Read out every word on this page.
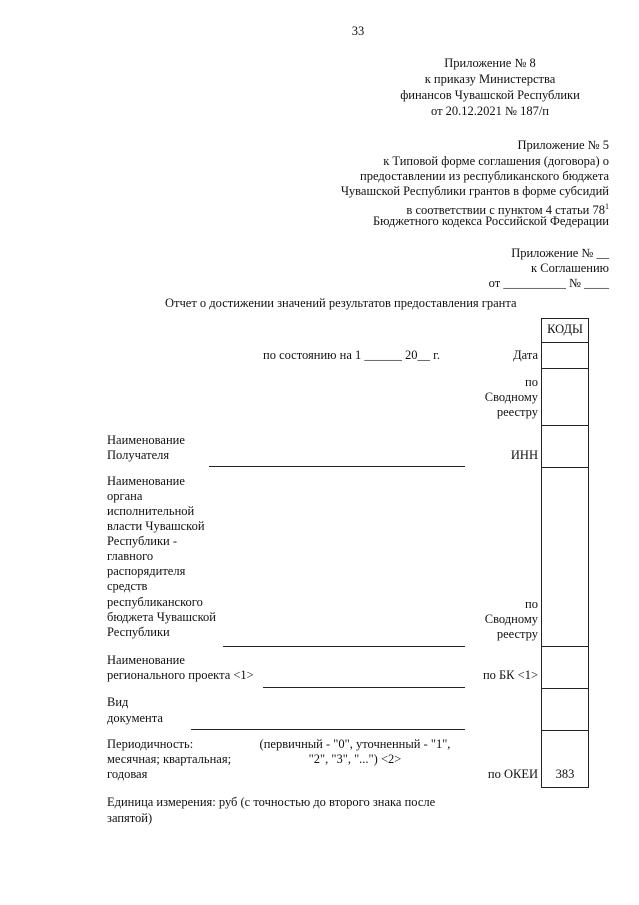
33
Приложение № 8
к приказу Министерства
финансов Чувашской Республики
от 20.12.2021 № 187/п
Приложение № 5
к Типовой форме соглашения (договора) о
предоставлении из республиканского бюджета
Чувашской Республики грантов в форме субсидий
в соответствии с пунктом 4 статьи $78^1$
Бюджетного кодекса Российской Федерации
Приложение № __
к Соглашению
от __________ № ____
Отчет о достижении значений результатов предоставления гранта
КОДЫ
383
по состоянию на 1 ______ 20__ г.	Дата
по
Сводному
реестру
ИНН
по
Сводному
реестру
по БК <1>
по ОКЕИ
Наименование
Получателя
Наименование
органа
исполнительной
власти Чувашской
Республики -
главного
распорядителя
средств
республиканского
бюджета Чувашской
Республики
Наименование
регионального проекта <1>
Вид
документа
Периодичность:
месячная; квартальная;
годовая
(первичный - "0", уточненный - "1",
"2", "3", "...") <2>
Единица измерения: руб (с точностью до второго знака после
запятой)
